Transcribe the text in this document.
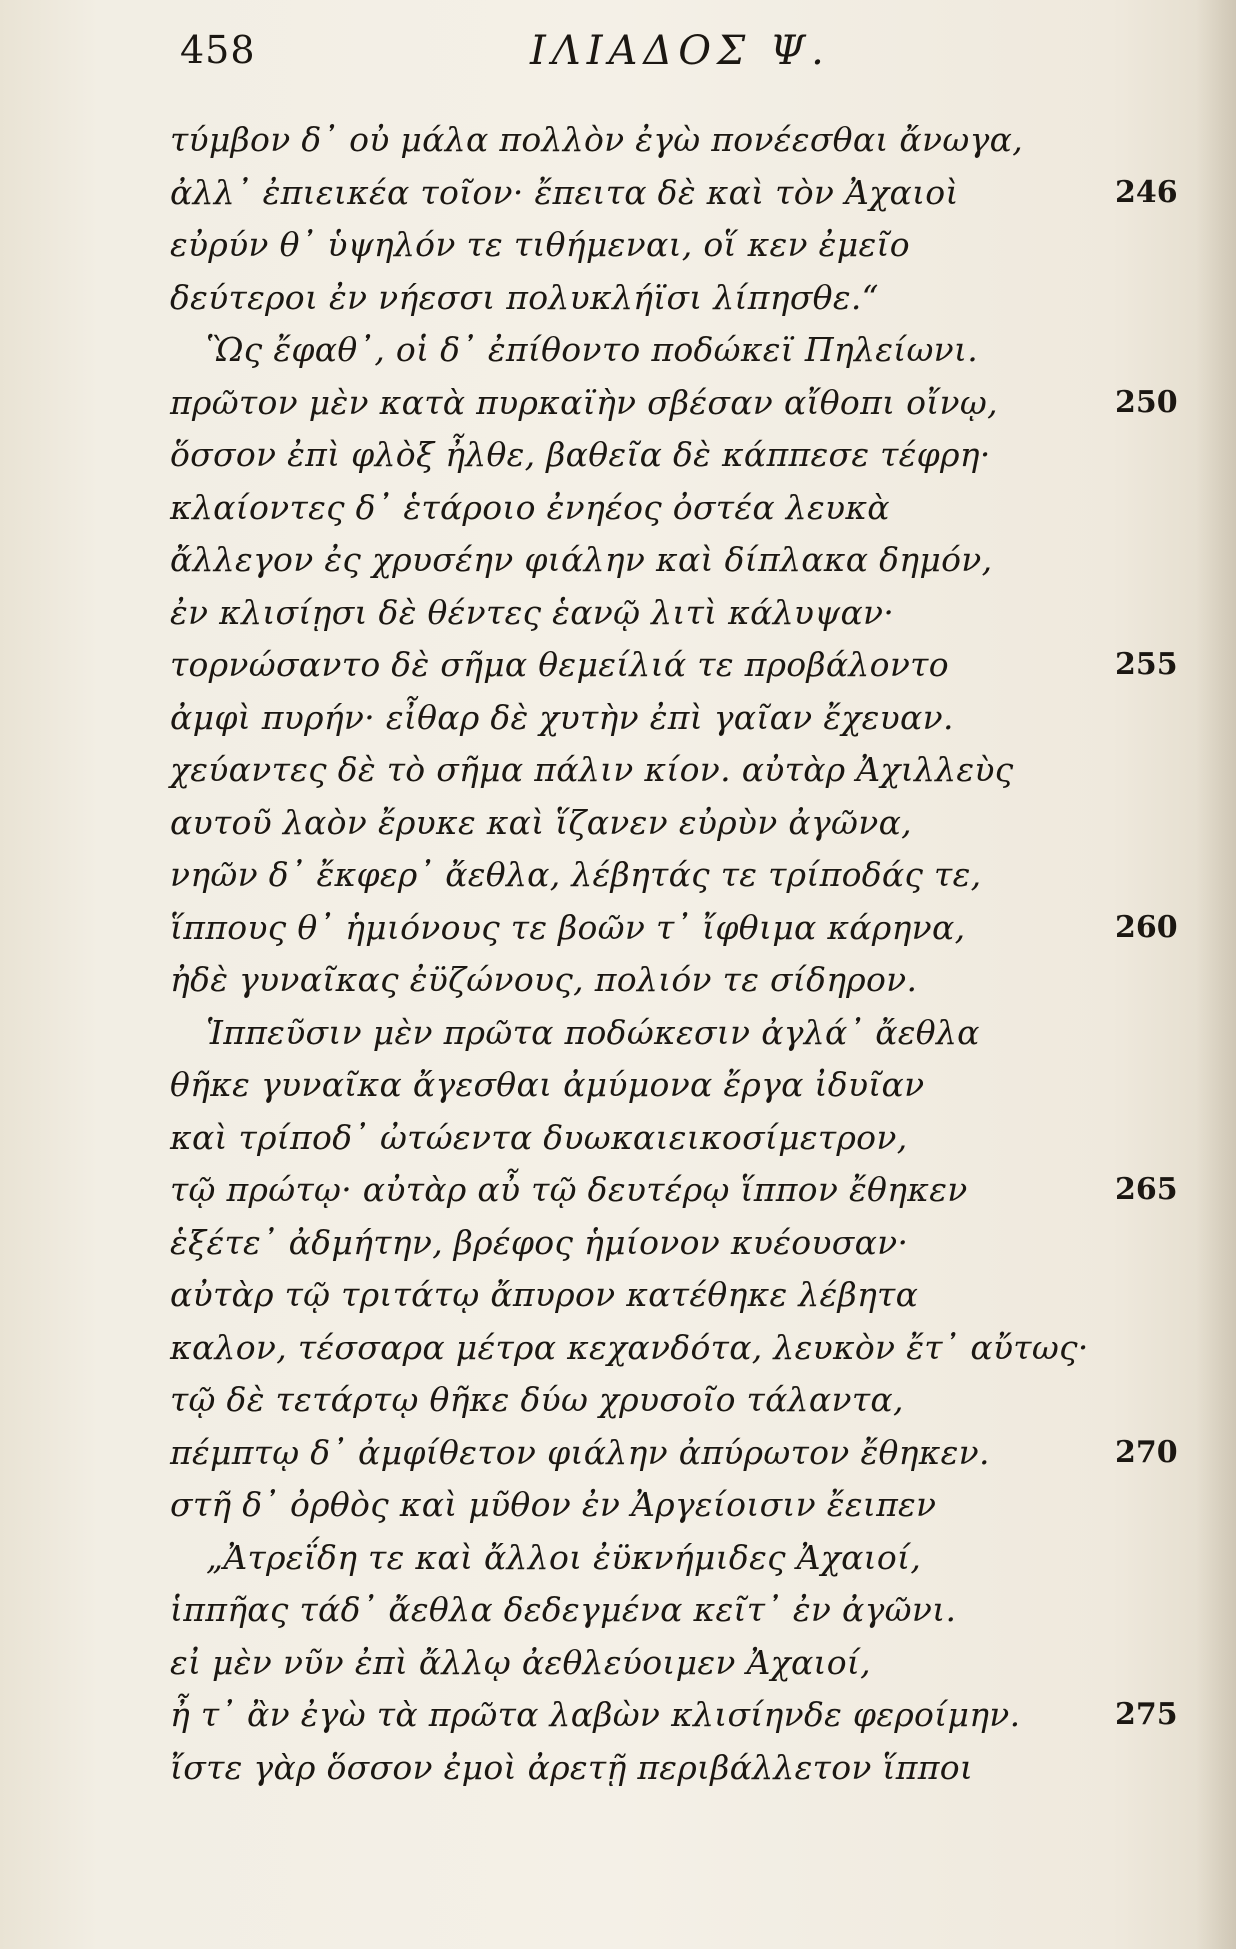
458	ΙΛΙΑΔΟΣ Ψ.
τύμβον δ᾽ οὐ μάλα πολλὸν ἐγὼ πονέεσθαι ἄνωγα,
ἀλλ᾽ ἐπιεικέα τοῖον· ἔπειτα δὲ καὶ τὸν Ἀχαιοὶ	246
εὐρύν θ᾽ ὑψηλόν τε τιθήμεναι, οἵ κεν ἐμεῖο
δεύτεροι ἐν νήεσσι πολυκλήϊσι λίπησθε.“
Ὣς ἔφαθ᾽, οἱ δ᾽ ἐπίθοντο ποδώκεϊ Πηλείωνι.
πρῶτον μὲν κατὰ πυρκαϊὴν σβέσαν αἴθοπι οἴνῳ,	250
ὅσσον ἐπὶ φλὸξ ἦλθε, βαθεῖα δὲ κάππεσε τέφρη·
κλαίοντες δ᾽ ἑτάροιο ἐνηέος ὀστέα λευκὰ
ἄλλεγον ἐς χρυσέην φιάλην καὶ δίπλακα δημόν,
ἐν κλισίῃσι δὲ θέντες ἑανῷ λιτὶ κάλυψαν·
τορνώσαντο δὲ σῆμα θεμείλιά τε προβάλοντο	255
ἀμφὶ πυρήν· εἶθαρ δὲ χυτὴν ἐπὶ γαῖαν ἔχευαν.
χεύαντες δὲ τὸ σῆμα πάλιν κίον. αὐτὰρ Ἀχιλλεὺς
αυτοῦ λαὸν ἔρυκε καὶ ἵζανεν εὐρὺν ἀγῶνα,
νηῶν δ᾽ ἔκφερ᾽ ἄεθλα, λέβητάς τε τρίποδάς τε,
ἵππους θ᾽ ἡμιόνους τε βοῶν τ᾽ ἴφθιμα κάρηνα,	260
ἠδὲ γυναῖκας ἐϋζώνους, πολιόν τε σίδηρον.
Ἱππεῦσιν μὲν πρῶτα ποδώκεσιν ἀγλά᾽ ἄεθλα
θῆκε γυναῖκα ἄγεσθαι ἀμύμονα ἔργα ἰδυῖαν
καὶ τρίποδ᾽ ὠτώεντα δυωκαιεικοσίμετρον,
τῷ πρώτῳ· αὐτὰρ αὖ τῷ δευτέρῳ ἵππον ἔθηκεν	265
ἑξέτε᾽ ἀδμήτην, βρέφος ἡμίονον κυέουσαν·
αὐτὰρ τῷ τριτάτῳ ἄπυρον κατέθηκε λέβητα
καλον, τέσσαρα μέτρα κεχανδότα, λευκὸν ἔτ᾽ αὔτως·
τῷ δὲ τετάρτῳ θῆκε δύω χρυσοῖο τάλαντα,
πέμπτῳ δ᾽ ἀμφίθετον φιάλην ἀπύρωτον ἔθηκεν.	270
στῆ δ᾽ ὀρθὸς καὶ μῦθον ἐν Ἀργείοισιν ἔειπεν
„Ἀτρεΐδη τε καὶ ἄλλοι ἐϋκνήμιδες Ἀχαιοί,
ἱππῆας τάδ᾽ ἄεθλα δεδεγμένα κεῖτ᾽ ἐν ἀγῶνι.
εἰ μὲν νῦν ἐπὶ ἄλλῳ ἀεθλεύοιμεν Ἀχαιοί,
ἦ τ᾽ ἂν ἐγὼ τὰ πρῶτα λαβὼν κλισίηνδε φεροίμην.	275
ἴστε γὰρ ὅσσον ἐμοὶ ἀρετῇ περιβάλλετον ἵπποι
